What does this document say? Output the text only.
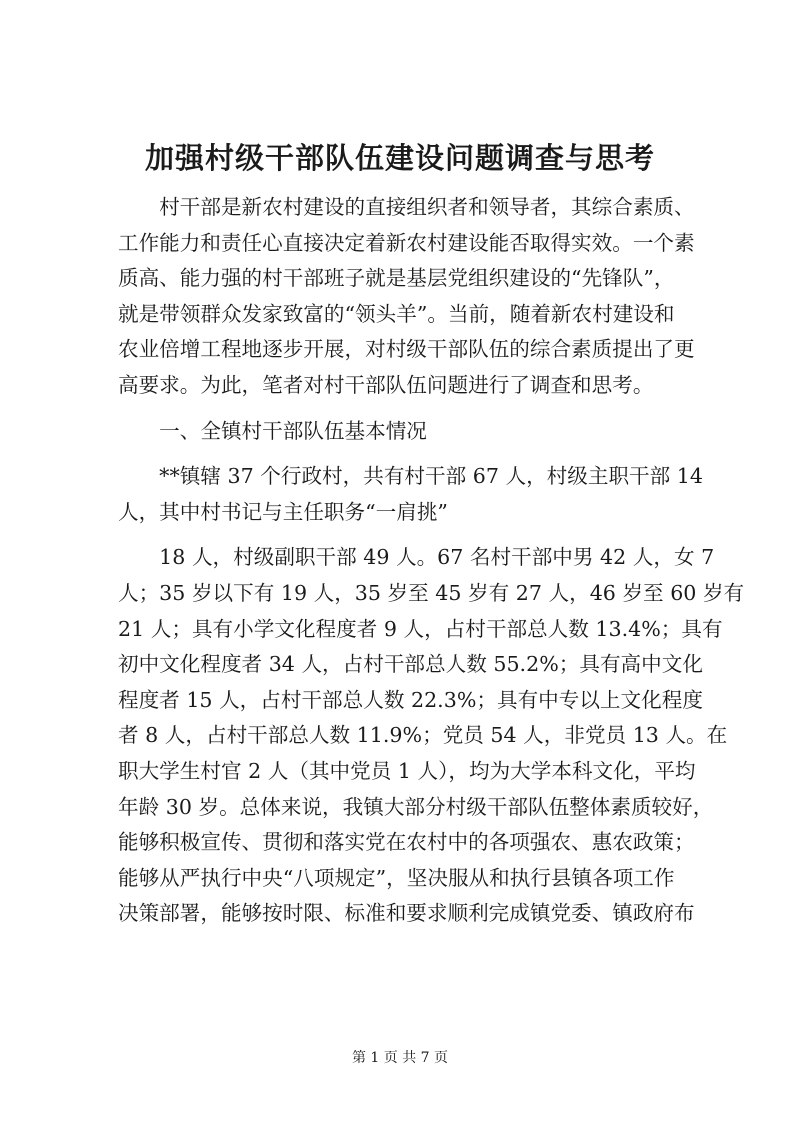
加强村级干部队伍建设问题调查与思考
　　村干部是新农村建设的直接组织者和领导者，其综合素质、
工作能力和责任心直接决定着新农村建设能否取得实效。一个素
质高、能力强的村干部班子就是基层党组织建设的“先锋队”，
就是带领群众发家致富的“领头羊”。当前，随着新农村建设和
农业倍增工程地逐步开展，对村级干部队伍的综合素质提出了更
高要求。为此，笔者对村干部队伍问题进行了调查和思考。
　　一、全镇村干部队伍基本情况
　　**镇辖 37 个行政村，共有村干部 67 人，村级主职干部 14
人，其中村书记与主任职务“一肩挑”
　　18 人，村级副职干部 49 人。67 名村干部中男 42 人，女 7
人；35 岁以下有 19 人，35 岁至 45 岁有 27 人，46 岁至 60 岁有
21 人；具有小学文化程度者 9 人，占村干部总人数 13.4%；具有
初中文化程度者 34 人，占村干部总人数 55.2%；具有高中文化
程度者 15 人，占村干部总人数 22.3%；具有中专以上文化程度
者 8 人，占村干部总人数 11.9%；党员 54 人，非党员 13 人。在
职大学生村官 2 人（其中党员 1 人），均为大学本科文化，平均
年龄 30 岁。总体来说，我镇大部分村级干部队伍整体素质较好，
能够积极宣传、贯彻和落实党在农村中的各项强农、惠农政策；
能够从严执行中央“八项规定”，坚决服从和执行县镇各项工作
决策部署，能够按时限、标准和要求顺利完成镇党委、镇政府布
第 1 页 共 7 页
